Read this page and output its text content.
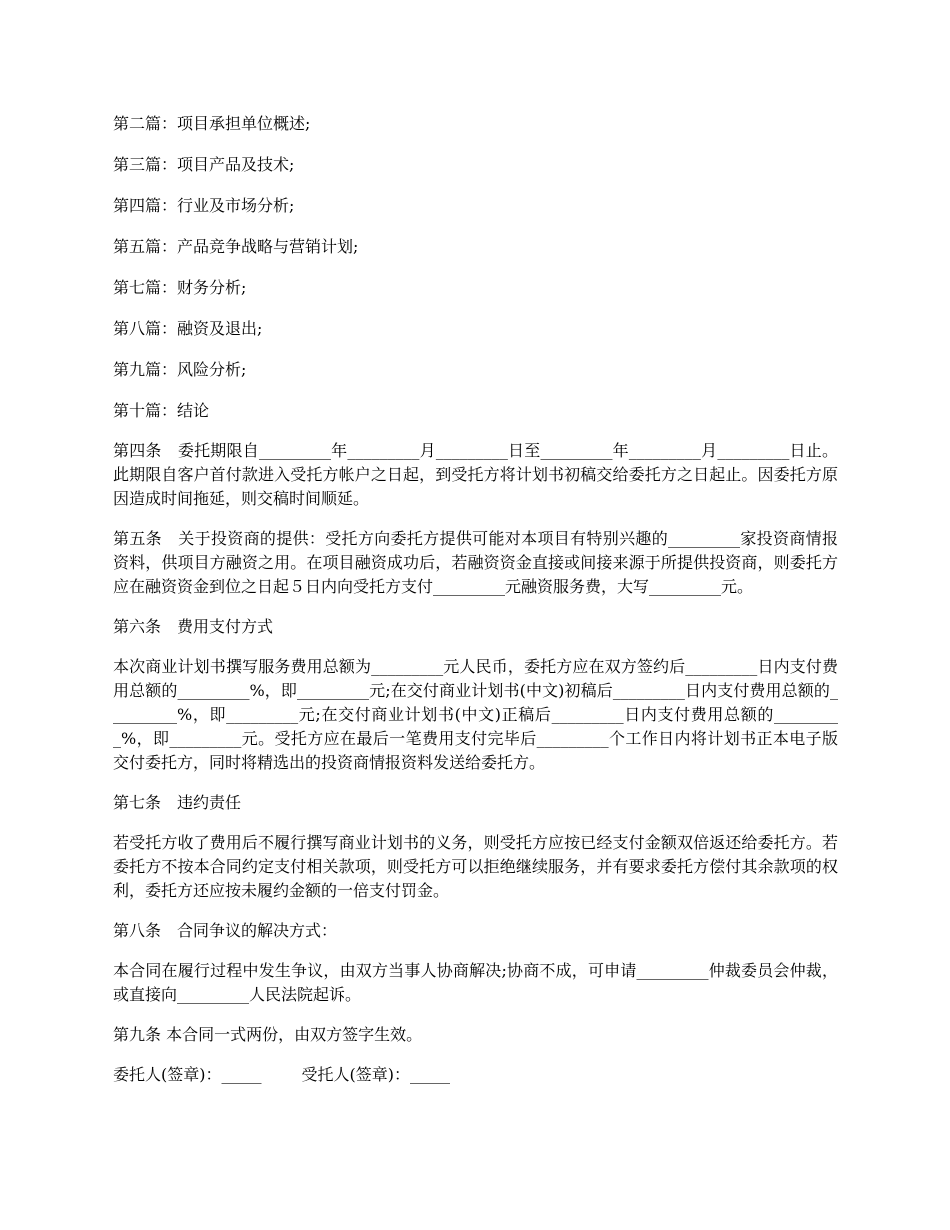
第二篇：项目承担单位概述;
第三篇：项目产品及技术;
第四篇：行业及市场分析;
第五篇：产品竞争战略与营销计划;
第七篇：财务分析;
第八篇：融资及退出;
第九篇：风险分析;
第十篇：结论

第四条　委托期限自_________年_________月_________日至_________年_________月_________日止。此期限自客户首付款进入受托方帐户之日起，到受托方将计划书初稿交给委托方之日起止。因委托方原因造成时间拖延，则交稿时间顺延。

第五条　关于投资商的提供：受托方向委托方提供可能对本项目有特别兴趣的_________家投资商情报资料，供项目方融资之用。在项目融资成功后，若融资资金直接或间接来源于所提供投资商，则委托方应在融资资金到位之日起５日内向受托方支付_________元融资服务费，大写_________元。

第六条　费用支付方式

本次商业计划书撰写服务费用总额为_________元人民币，委托方应在双方签约后_________日内支付费用总额的_________%，即_________元;在交付商业计划书(中文)初稿后_________日内支付费用总额的_________%，即_________元;在交付商业计划书(中文)正稿后_________日内支付费用总额的_________%，即_________元。受托方应在最后一笔费用支付完毕后_________个工作日内将计划书正本电子版交付委托方，同时将精选出的投资商情报资料发送给委托方。

第七条　违约责任

若受托方收了费用后不履行撰写商业计划书的义务，则受托方应按已经支付金额双倍返还给委托方。若委托方不按本合同约定支付相关款项，则受托方可以拒绝继续服务，并有要求委托方偿付其余款项的权利，委托方还应按未履约金额的一倍支付罚金。

第八条　合同争议的解决方式：

本合同在履行过程中发生争议，由双方当事人协商解决;协商不成，可申请_________仲裁委员会仲裁，或直接向_________人民法院起诉。

第九条 本合同一式两份，由双方签字生效。
委托人(签章)：_____	受托人(签章)：_____
